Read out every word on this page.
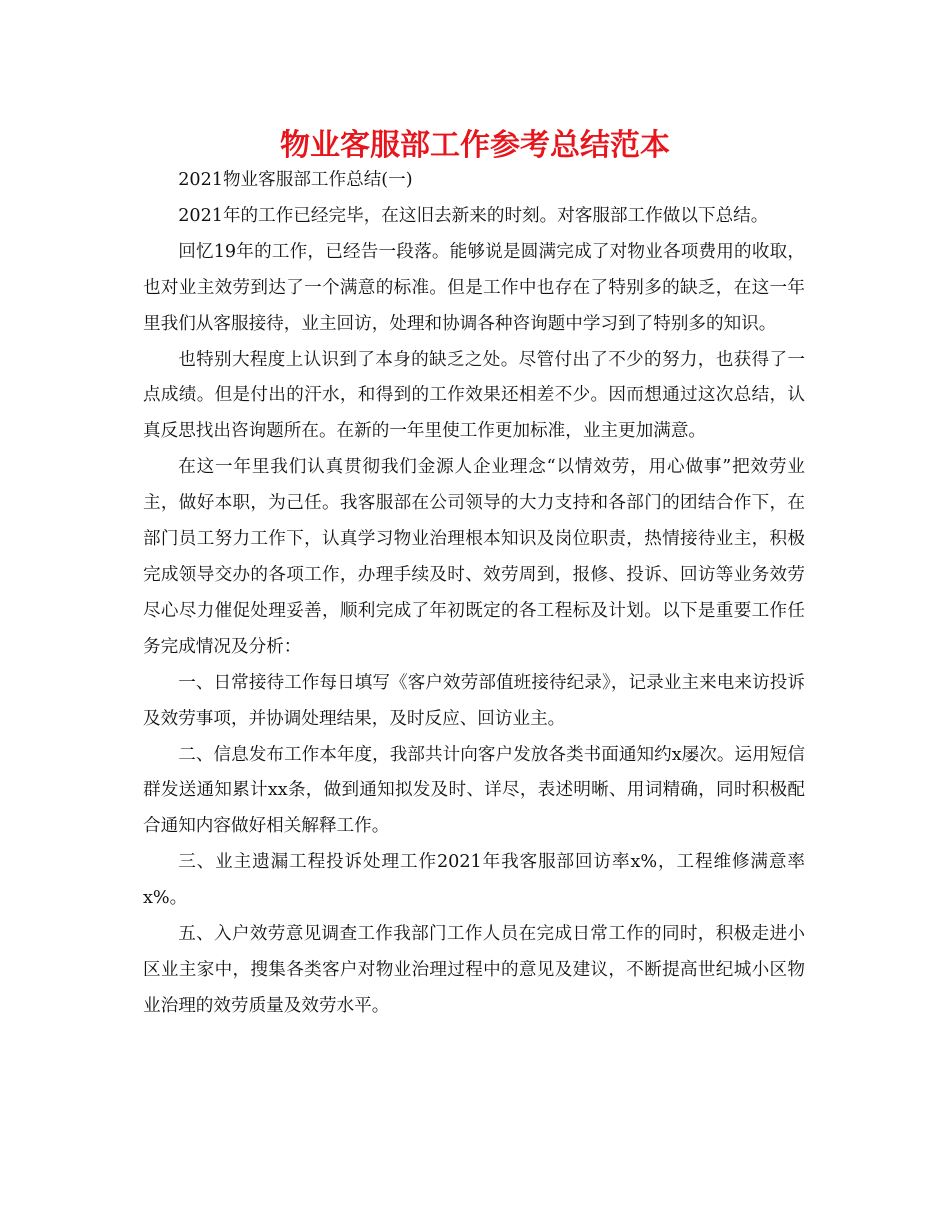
物业客服部工作参考总结范本

2021物业客服部工作总结(一)

2021年的工作已经完毕，在这旧去新来的时刻。对客服部工作做以下总结。

回忆19年的工作，已经告一段落。能够说是圆满完成了对物业各项费用的收取，也对业主效劳到达了一个满意的标准。但是工作中也存在了特别多的缺乏，在这一年里我们从客服接待，业主回访，处理和协调各种咨询题中学习到了特别多的知识。

也特别大程度上认识到了本身的缺乏之处。尽管付出了不少的努力，也获得了一点成绩。但是付出的汗水，和得到的工作效果还相差不少。因而想通过这次总结，认真反思找出咨询题所在。在新的一年里使工作更加标准，业主更加满意。

在这一年里我们认真贯彻我们金源人企业理念“以情效劳，用心做事”把效劳业主，做好本职，为己任。我客服部在公司领导的大力支持和各部门的团结合作下，在部门员工努力工作下，认真学习物业治理根本知识及岗位职责，热情接待业主，积极完成领导交办的各项工作，办理手续及时、效劳周到，报修、投诉、回访等业务效劳尽心尽力催促处理妥善，顺利完成了年初既定的各工程标及计划。以下是重要工作任务完成情况及分析：

一、日常接待工作每日填写《客户效劳部值班接待纪录》，记录业主来电来访投诉及效劳事项，并协调处理结果，及时反应、回访业主。

二、信息发布工作本年度，我部共计向客户发放各类书面通知约x屡次。运用短信群发送通知累计xx条，做到通知拟发及时、详尽，表述明晰、用词精确，同时积极配合通知内容做好相关解释工作。

三、业主遗漏工程投诉处理工作2021年我客服部回访率x%，工程维修满意率x%。

五、入户效劳意见调查工作我部门工作人员在完成日常工作的同时，积极走进小区业主家中，搜集各类客户对物业治理过程中的意见及建议，不断提高世纪城小区物业治理的效劳质量及效劳水平。
